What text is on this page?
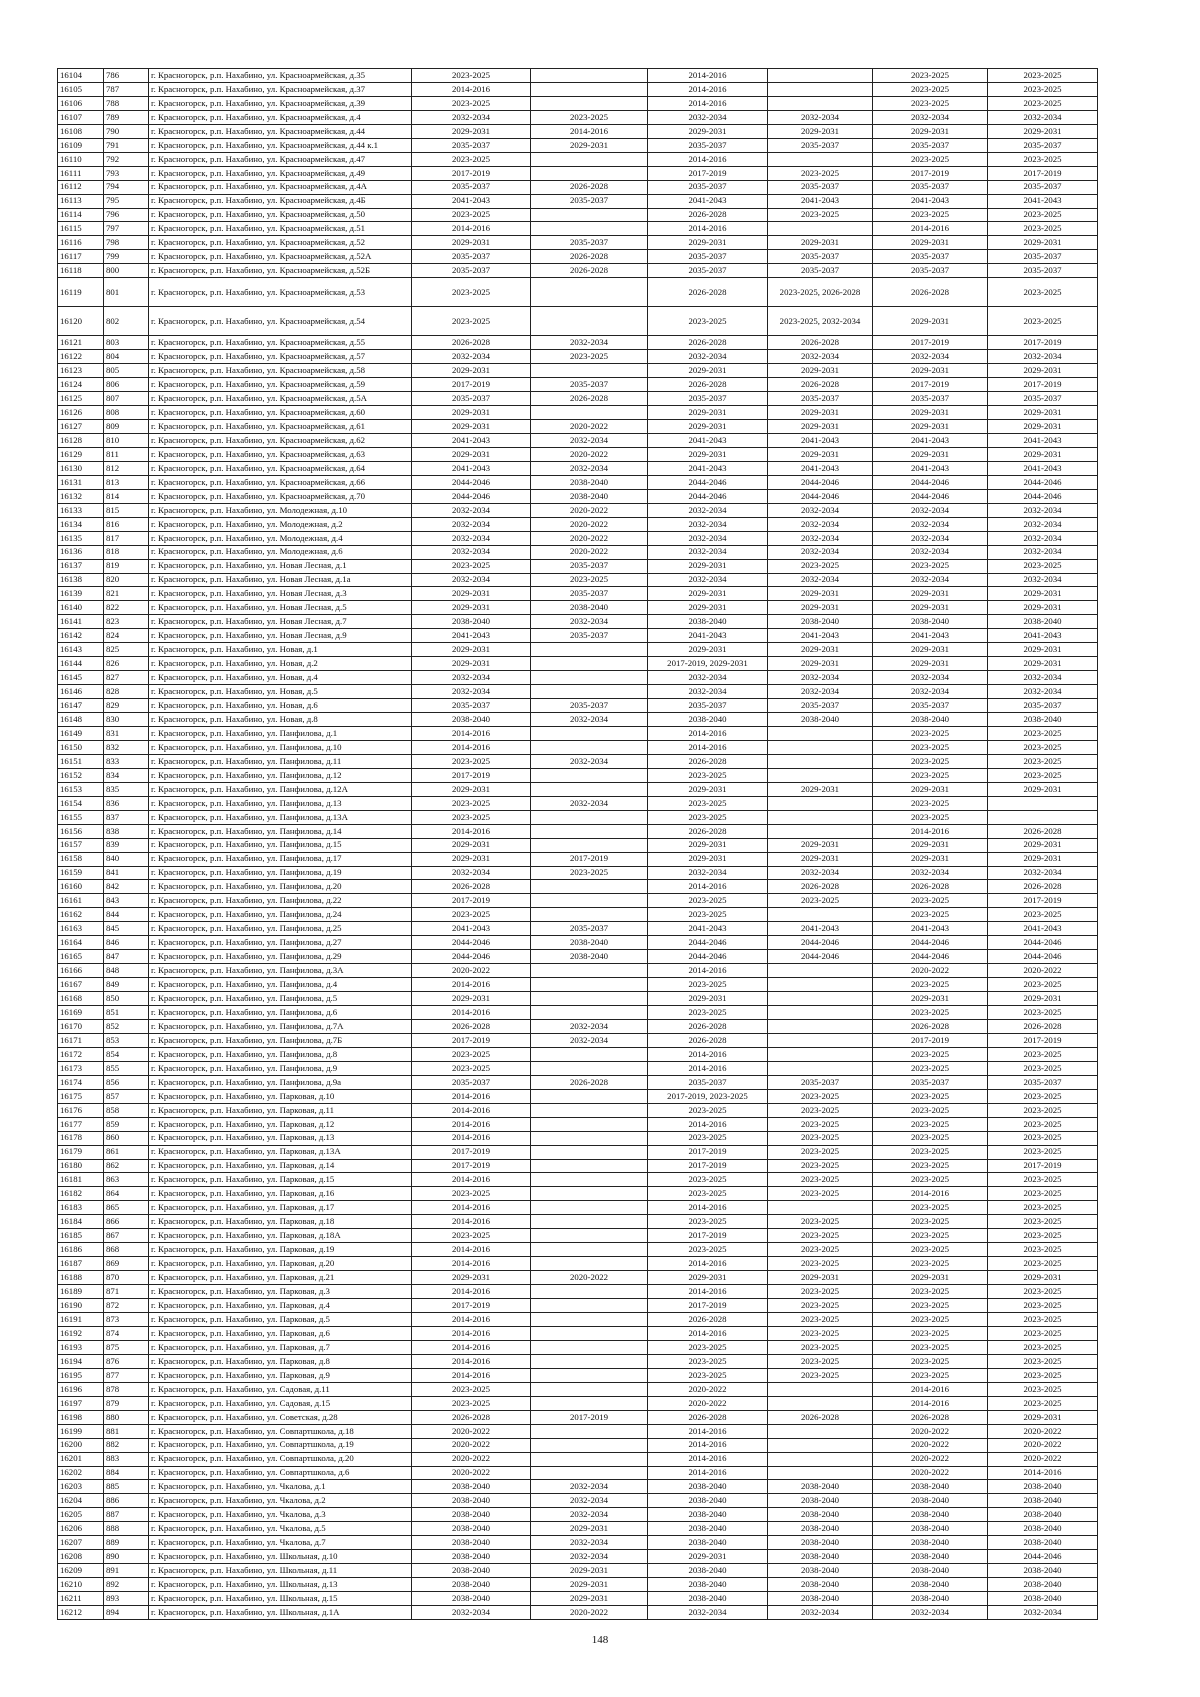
16104	786	г. Красногорск, р.п. Нахабино, ул. Красноармейская, д.35	2023-2025		2014-2016		2023-2025	2023-2025
16105	787	г. Красногорск, р.п. Нахабино, ул. Красноармейская, д.37	2014-2016		2014-2016		2023-2025	2023-2025
16106	788	г. Красногорск, р.п. Нахабино, ул. Красноармейская, д.39	2023-2025		2014-2016		2023-2025	2023-2025
16107	789	г. Красногорск, р.п. Нахабино, ул. Красноармейская, д.4	2032-2034	2023-2025	2032-2034	2032-2034	2032-2034	2032-2034
16108	790	г. Красногорск, р.п. Нахабино, ул. Красноармейская, д.44	2029-2031	2014-2016	2029-2031	2029-2031	2029-2031	2029-2031
16109	791	г. Красногорск, р.п. Нахабино, ул. Красноармейская, д.44 к.1	2035-2037	2029-2031	2035-2037	2035-2037	2035-2037	2035-2037
16110	792	г. Красногорск, р.п. Нахабино, ул. Красноармейская, д.47	2023-2025		2014-2016		2023-2025	2023-2025
16111	793	г. Красногорск, р.п. Нахабино, ул. Красноармейская, д.49	2017-2019		2017-2019	2023-2025	2017-2019	2017-2019
16112	794	г. Красногорск, р.п. Нахабино, ул. Красноармейская, д.4А	2035-2037	2026-2028	2035-2037	2035-2037	2035-2037	2035-2037
16113	795	г. Красногорск, р.п. Нахабино, ул. Красноармейская, д.4Б	2041-2043	2035-2037	2041-2043	2041-2043	2041-2043	2041-2043
16114	796	г. Красногорск, р.п. Нахабино, ул. Красноармейская, д.50	2023-2025		2026-2028	2023-2025	2023-2025	2023-2025
16115	797	г. Красногорск, р.п. Нахабино, ул. Красноармейская, д.51	2014-2016		2014-2016		2014-2016	2023-2025
16116	798	г. Красногорск, р.п. Нахабино, ул. Красноармейская, д.52	2029-2031	2035-2037	2029-2031	2029-2031	2029-2031	2029-2031
16117	799	г. Красногорск, р.п. Нахабино, ул. Красноармейская, д.52А	2035-2037	2026-2028	2035-2037	2035-2037	2035-2037	2035-2037
16118	800	г. Красногорск, р.п. Нахабино, ул. Красноармейская, д.52Б	2035-2037	2026-2028	2035-2037	2035-2037	2035-2037	2035-2037
16119	801	г. Красногорск, р.п. Нахабино, ул. Красноармейская, д.53	2023-2025		2026-2028	2023-2025, 2026-2028	2026-2028	2023-2025
16120	802	г. Красногорск, р.п. Нахабино, ул. Красноармейская, д.54	2023-2025		2023-2025	2023-2025, 2032-2034	2029-2031	2023-2025
16121	803	г. Красногорск, р.п. Нахабино, ул. Красноармейская, д.55	2026-2028	2032-2034	2026-2028	2026-2028	2017-2019	2017-2019
16122	804	г. Красногорск, р.п. Нахабино, ул. Красноармейская, д.57	2032-2034	2023-2025	2032-2034	2032-2034	2032-2034	2032-2034
16123	805	г. Красногорск, р.п. Нахабино, ул. Красноармейская, д.58	2029-2031		2029-2031	2029-2031	2029-2031	2029-2031
16124	806	г. Красногорск, р.п. Нахабино, ул. Красноармейская, д.59	2017-2019	2035-2037	2026-2028	2026-2028	2017-2019	2017-2019
16125	807	г. Красногорск, р.п. Нахабино, ул. Красноармейская, д.5А	2035-2037	2026-2028	2035-2037	2035-2037	2035-2037	2035-2037
16126	808	г. Красногорск, р.п. Нахабино, ул. Красноармейская, д.60	2029-2031		2029-2031	2029-2031	2029-2031	2029-2031
16127	809	г. Красногорск, р.п. Нахабино, ул. Красноармейская, д.61	2029-2031	2020-2022	2029-2031	2029-2031	2029-2031	2029-2031
16128	810	г. Красногорск, р.п. Нахабино, ул. Красноармейская, д.62	2041-2043	2032-2034	2041-2043	2041-2043	2041-2043	2041-2043
16129	811	г. Красногорск, р.п. Нахабино, ул. Красноармейская, д.63	2029-2031	2020-2022	2029-2031	2029-2031	2029-2031	2029-2031
16130	812	г. Красногорск, р.п. Нахабино, ул. Красноармейская, д.64	2041-2043	2032-2034	2041-2043	2041-2043	2041-2043	2041-2043
16131	813	г. Красногорск, р.п. Нахабино, ул. Красноармейская, д.66	2044-2046	2038-2040	2044-2046	2044-2046	2044-2046	2044-2046
16132	814	г. Красногорск, р.п. Нахабино, ул. Красноармейская, д.70	2044-2046	2038-2040	2044-2046	2044-2046	2044-2046	2044-2046
16133	815	г. Красногорск, р.п. Нахабино, ул. Молодежная, д.10	2032-2034	2020-2022	2032-2034	2032-2034	2032-2034	2032-2034
16134	816	г. Красногорск, р.п. Нахабино, ул. Молодежная, д.2	2032-2034	2020-2022	2032-2034	2032-2034	2032-2034	2032-2034
16135	817	г. Красногорск, р.п. Нахабино, ул. Молодежная, д.4	2032-2034	2020-2022	2032-2034	2032-2034	2032-2034	2032-2034
16136	818	г. Красногорск, р.п. Нахабино, ул. Молодежная, д.6	2032-2034	2020-2022	2032-2034	2032-2034	2032-2034	2032-2034
16137	819	г. Красногорск, р.п. Нахабино, ул. Новая Лесная, д.1	2023-2025	2035-2037	2029-2031	2023-2025	2023-2025	2023-2025
16138	820	г. Красногорск, р.п. Нахабино, ул. Новая Лесная, д.1а	2032-2034	2023-2025	2032-2034	2032-2034	2032-2034	2032-2034
16139	821	г. Красногорск, р.п. Нахабино, ул. Новая Лесная, д.3	2029-2031	2035-2037	2029-2031	2029-2031	2029-2031	2029-2031
16140	822	г. Красногорск, р.п. Нахабино, ул. Новая Лесная, д.5	2029-2031	2038-2040	2029-2031	2029-2031	2029-2031	2029-2031
16141	823	г. Красногорск, р.п. Нахабино, ул. Новая Лесная, д.7	2038-2040	2032-2034	2038-2040	2038-2040	2038-2040	2038-2040
16142	824	г. Красногорск, р.п. Нахабино, ул. Новая Лесная, д.9	2041-2043	2035-2037	2041-2043	2041-2043	2041-2043	2041-2043
16143	825	г. Красногорск, р.п. Нахабино, ул. Новая, д.1	2029-2031		2029-2031	2029-2031	2029-2031	2029-2031
16144	826	г. Красногорск, р.п. Нахабино, ул. Новая, д.2	2029-2031		2017-2019, 2029-2031	2029-2031	2029-2031	2029-2031
16145	827	г. Красногорск, р.п. Нахабино, ул. Новая, д.4	2032-2034		2032-2034	2032-2034	2032-2034	2032-2034
16146	828	г. Красногорск, р.п. Нахабино, ул. Новая, д.5	2032-2034		2032-2034	2032-2034	2032-2034	2032-2034
16147	829	г. Красногорск, р.п. Нахабино, ул. Новая, д.6	2035-2037	2035-2037	2035-2037	2035-2037	2035-2037	2035-2037
16148	830	г. Красногорск, р.п. Нахабино, ул. Новая, д.8	2038-2040	2032-2034	2038-2040	2038-2040	2038-2040	2038-2040
16149	831	г. Красногорск, р.п. Нахабино, ул. Панфилова, д.1	2014-2016		2014-2016		2023-2025	2023-2025
16150	832	г. Красногорск, р.п. Нахабино, ул. Панфилова, д.10	2014-2016		2014-2016		2023-2025	2023-2025
16151	833	г. Красногорск, р.п. Нахабино, ул. Панфилова, д.11	2023-2025	2032-2034	2026-2028		2023-2025	2023-2025
16152	834	г. Красногорск, р.п. Нахабино, ул. Панфилова, д.12	2017-2019		2023-2025		2023-2025	2023-2025
16153	835	г. Красногорск, р.п. Нахабино, ул. Панфилова, д.12А	2029-2031		2029-2031	2029-2031	2029-2031	2029-2031
16154	836	г. Красногорск, р.п. Нахабино, ул. Панфилова, д.13	2023-2025	2032-2034	2023-2025		2023-2025	
16155	837	г. Красногорск, р.п. Нахабино, ул. Панфилова, д.13А	2023-2025		2023-2025		2023-2025	
16156	838	г. Красногорск, р.п. Нахабино, ул. Панфилова, д.14	2014-2016		2026-2028		2014-2016	2026-2028
16157	839	г. Красногорск, р.п. Нахабино, ул. Панфилова, д.15	2029-2031		2029-2031	2029-2031	2029-2031	2029-2031
16158	840	г. Красногорск, р.п. Нахабино, ул. Панфилова, д.17	2029-2031	2017-2019	2029-2031	2029-2031	2029-2031	2029-2031
16159	841	г. Красногорск, р.п. Нахабино, ул. Панфилова, д.19	2032-2034	2023-2025	2032-2034	2032-2034	2032-2034	2032-2034
16160	842	г. Красногорск, р.п. Нахабино, ул. Панфилова, д.20	2026-2028		2014-2016	2026-2028	2026-2028	2026-2028
16161	843	г. Красногорск, р.п. Нахабино, ул. Панфилова, д.22	2017-2019		2023-2025	2023-2025	2023-2025	2017-2019
16162	844	г. Красногорск, р.п. Нахабино, ул. Панфилова, д.24	2023-2025		2023-2025		2023-2025	2023-2025
16163	845	г. Красногорск, р.п. Нахабино, ул. Панфилова, д.25	2041-2043	2035-2037	2041-2043	2041-2043	2041-2043	2041-2043
16164	846	г. Красногорск, р.п. Нахабино, ул. Панфилова, д.27	2044-2046	2038-2040	2044-2046	2044-2046	2044-2046	2044-2046
16165	847	г. Красногорск, р.п. Нахабино, ул. Панфилова, д.29	2044-2046	2038-2040	2044-2046	2044-2046	2044-2046	2044-2046
16166	848	г. Красногорск, р.п. Нахабино, ул. Панфилова, д.3А	2020-2022		2014-2016		2020-2022	2020-2022
16167	849	г. Красногорск, р.п. Нахабино, ул. Панфилова, д.4	2014-2016		2023-2025		2023-2025	2023-2025
16168	850	г. Красногорск, р.п. Нахабино, ул. Панфилова, д.5	2029-2031		2029-2031		2029-2031	2029-2031
16169	851	г. Красногорск, р.п. Нахабино, ул. Панфилова, д.6	2014-2016		2023-2025		2023-2025	2023-2025
16170	852	г. Красногорск, р.п. Нахабино, ул. Панфилова, д.7А	2026-2028	2032-2034	2026-2028		2026-2028	2026-2028
16171	853	г. Красногорск, р.п. Нахабино, ул. Панфилова, д.7Б	2017-2019	2032-2034	2026-2028		2017-2019	2017-2019
16172	854	г. Красногорск, р.п. Нахабино, ул. Панфилова, д.8	2023-2025		2014-2016		2023-2025	2023-2025
16173	855	г. Красногорск, р.п. Нахабино, ул. Панфилова, д.9	2023-2025		2014-2016		2023-2025	2023-2025
16174	856	г. Красногорск, р.п. Нахабино, ул. Панфилова, д.9а	2035-2037	2026-2028	2035-2037	2035-2037	2035-2037	2035-2037
16175	857	г. Красногорск, р.п. Нахабино, ул. Парковая, д.10	2014-2016		2017-2019, 2023-2025	2023-2025	2023-2025	2023-2025
16176	858	г. Красногорск, р.п. Нахабино, ул. Парковая, д.11	2014-2016		2023-2025	2023-2025	2023-2025	2023-2025
16177	859	г. Красногорск, р.п. Нахабино, ул. Парковая, д.12	2014-2016		2014-2016	2023-2025	2023-2025	2023-2025
16178	860	г. Красногорск, р.п. Нахабино, ул. Парковая, д.13	2014-2016		2023-2025	2023-2025	2023-2025	2023-2025
16179	861	г. Красногорск, р.п. Нахабино, ул. Парковая, д.13А	2017-2019		2017-2019	2023-2025	2023-2025	2023-2025
16180	862	г. Красногорск, р.п. Нахабино, ул. Парковая, д.14	2017-2019		2017-2019	2023-2025	2023-2025	2017-2019
16181	863	г. Красногорск, р.п. Нахабино, ул. Парковая, д.15	2014-2016		2023-2025	2023-2025	2023-2025	2023-2025
16182	864	г. Красногорск, р.п. Нахабино, ул. Парковая, д.16	2023-2025		2023-2025	2023-2025	2014-2016	2023-2025
16183	865	г. Красногорск, р.п. Нахабино, ул. Парковая, д.17	2014-2016		2014-2016		2023-2025	2023-2025
16184	866	г. Красногорск, р.п. Нахабино, ул. Парковая, д.18	2014-2016		2023-2025	2023-2025	2023-2025	2023-2025
16185	867	г. Красногорск, р.п. Нахабино, ул. Парковая, д.18А	2023-2025		2017-2019	2023-2025	2023-2025	2023-2025
16186	868	г. Красногорск, р.п. Нахабино, ул. Парковая, д.19	2014-2016		2023-2025	2023-2025	2023-2025	2023-2025
16187	869	г. Красногорск, р.п. Нахабино, ул. Парковая, д.20	2014-2016		2014-2016	2023-2025	2023-2025	2023-2025
16188	870	г. Красногорск, р.п. Нахабино, ул. Парковая, д.21	2029-2031	2020-2022	2029-2031	2029-2031	2029-2031	2029-2031
16189	871	г. Красногорск, р.п. Нахабино, ул. Парковая, д.3	2014-2016		2014-2016	2023-2025	2023-2025	2023-2025
16190	872	г. Красногорск, р.п. Нахабино, ул. Парковая, д.4	2017-2019		2017-2019	2023-2025	2023-2025	2023-2025
16191	873	г. Красногорск, р.п. Нахабино, ул. Парковая, д.5	2014-2016		2026-2028	2023-2025	2023-2025	2023-2025
16192	874	г. Красногорск, р.п. Нахабино, ул. Парковая, д.6	2014-2016		2014-2016	2023-2025	2023-2025	2023-2025
16193	875	г. Красногорск, р.п. Нахабино, ул. Парковая, д.7	2014-2016		2023-2025	2023-2025	2023-2025	2023-2025
16194	876	г. Красногорск, р.п. Нахабино, ул. Парковая, д.8	2014-2016		2023-2025	2023-2025	2023-2025	2023-2025
16195	877	г. Красногорск, р.п. Нахабино, ул. Парковая, д.9	2014-2016		2023-2025	2023-2025	2023-2025	2023-2025
16196	878	г. Красногорск, р.п. Нахабино, ул. Садовая, д.11	2023-2025		2020-2022		2014-2016	2023-2025
16197	879	г. Красногорск, р.п. Нахабино, ул. Садовая, д.15	2023-2025		2020-2022		2014-2016	2023-2025
16198	880	г. Красногорск, р.п. Нахабино, ул. Советская, д.28	2026-2028	2017-2019	2026-2028	2026-2028	2026-2028	2029-2031
16199	881	г. Красногорск, р.п. Нахабино, ул. Совпартшкола, д.18	2020-2022		2014-2016		2020-2022	2020-2022
16200	882	г. Красногорск, р.п. Нахабино, ул. Совпартшкола, д.19	2020-2022		2014-2016		2020-2022	2020-2022
16201	883	г. Красногорск, р.п. Нахабино, ул. Совпартшкола, д.20	2020-2022		2014-2016		2020-2022	2020-2022
16202	884	г. Красногорск, р.п. Нахабино, ул. Совпартшкола, д.6	2020-2022		2014-2016		2020-2022	2014-2016
16203	885	г. Красногорск, р.п. Нахабино, ул. Чкалова, д.1	2038-2040	2032-2034	2038-2040	2038-2040	2038-2040	2038-2040
16204	886	г. Красногорск, р.п. Нахабино, ул. Чкалова, д.2	2038-2040	2032-2034	2038-2040	2038-2040	2038-2040	2038-2040
16205	887	г. Красногорск, р.п. Нахабино, ул. Чкалова, д.3	2038-2040	2032-2034	2038-2040	2038-2040	2038-2040	2038-2040
16206	888	г. Красногорск, р.п. Нахабино, ул. Чкалова, д.5	2038-2040	2029-2031	2038-2040	2038-2040	2038-2040	2038-2040
16207	889	г. Красногорск, р.п. Нахабино, ул. Чкалова, д.7	2038-2040	2032-2034	2038-2040	2038-2040	2038-2040	2038-2040
16208	890	г. Красногорск, р.п. Нахабино, ул. Школьная, д.10	2038-2040	2032-2034	2029-2031	2038-2040	2038-2040	2044-2046
16209	891	г. Красногорск, р.п. Нахабино, ул. Школьная, д.11	2038-2040	2029-2031	2038-2040	2038-2040	2038-2040	2038-2040
16210	892	г. Красногорск, р.п. Нахабино, ул. Школьная, д.13	2038-2040	2029-2031	2038-2040	2038-2040	2038-2040	2038-2040
16211	893	г. Красногорск, р.п. Нахабино, ул. Школьная, д.15	2038-2040	2029-2031	2038-2040	2038-2040	2038-2040	2038-2040
16212	894	г. Красногорск, р.п. Нахабино, ул. Школьная, д.1А	2032-2034	2020-2022	2032-2034	2032-2034	2032-2034	2032-2034
148
